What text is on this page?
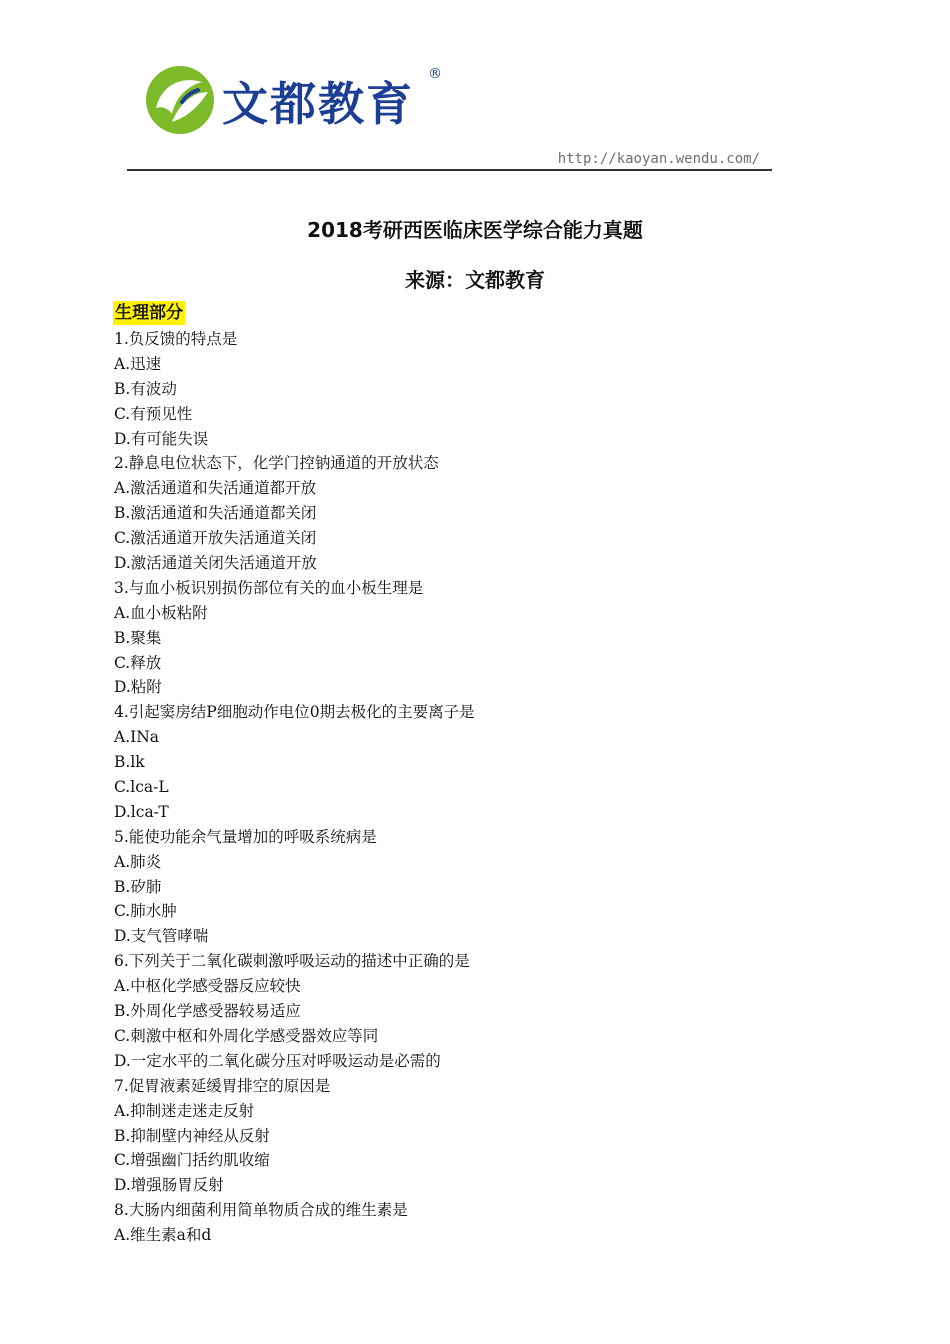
文都教育
®
http://kaoyan.wendu.com/
2018考研西医临床医学综合能力真题
来源：文都教育
生理部分
1.负反馈的特点是
A.迅速
B.有波动
C.有预见性
D.有可能失误
2.静息电位状态下，化学门控钠通道的开放状态
A.激活通道和失活通道都开放
B.激活通道和失活通道都关闭
C.激活通道开放失活通道关闭
D.激活通道关闭失活通道开放
3.与血小板识别损伤部位有关的血小板生理是
A.血小板粘附
B.聚集
C.释放
D.粘附
4.引起窦房结P细胞动作电位0期去极化的主要离子是
A.INa
B.lk
C.lca-L
D.lca-T
5.能使功能余气量增加的呼吸系统病是
A.肺炎
B.矽肺
C.肺水肿
D.支气管哮喘
6.下列关于二氧化碳刺激呼吸运动的描述中正确的是
A.中枢化学感受器反应较快
B.外周化学感受器较易适应
C.刺激中枢和外周化学感受器效应等同
D.一定水平的二氧化碳分压对呼吸运动是必需的
7.促胃液素延缓胃排空的原因是
A.抑制迷走迷走反射
B.抑制壁内神经从反射
C.增强幽门括约肌收缩
D.增强肠胃反射
8.大肠内细菌利用简单物质合成的维生素是
A.维生素a和d
